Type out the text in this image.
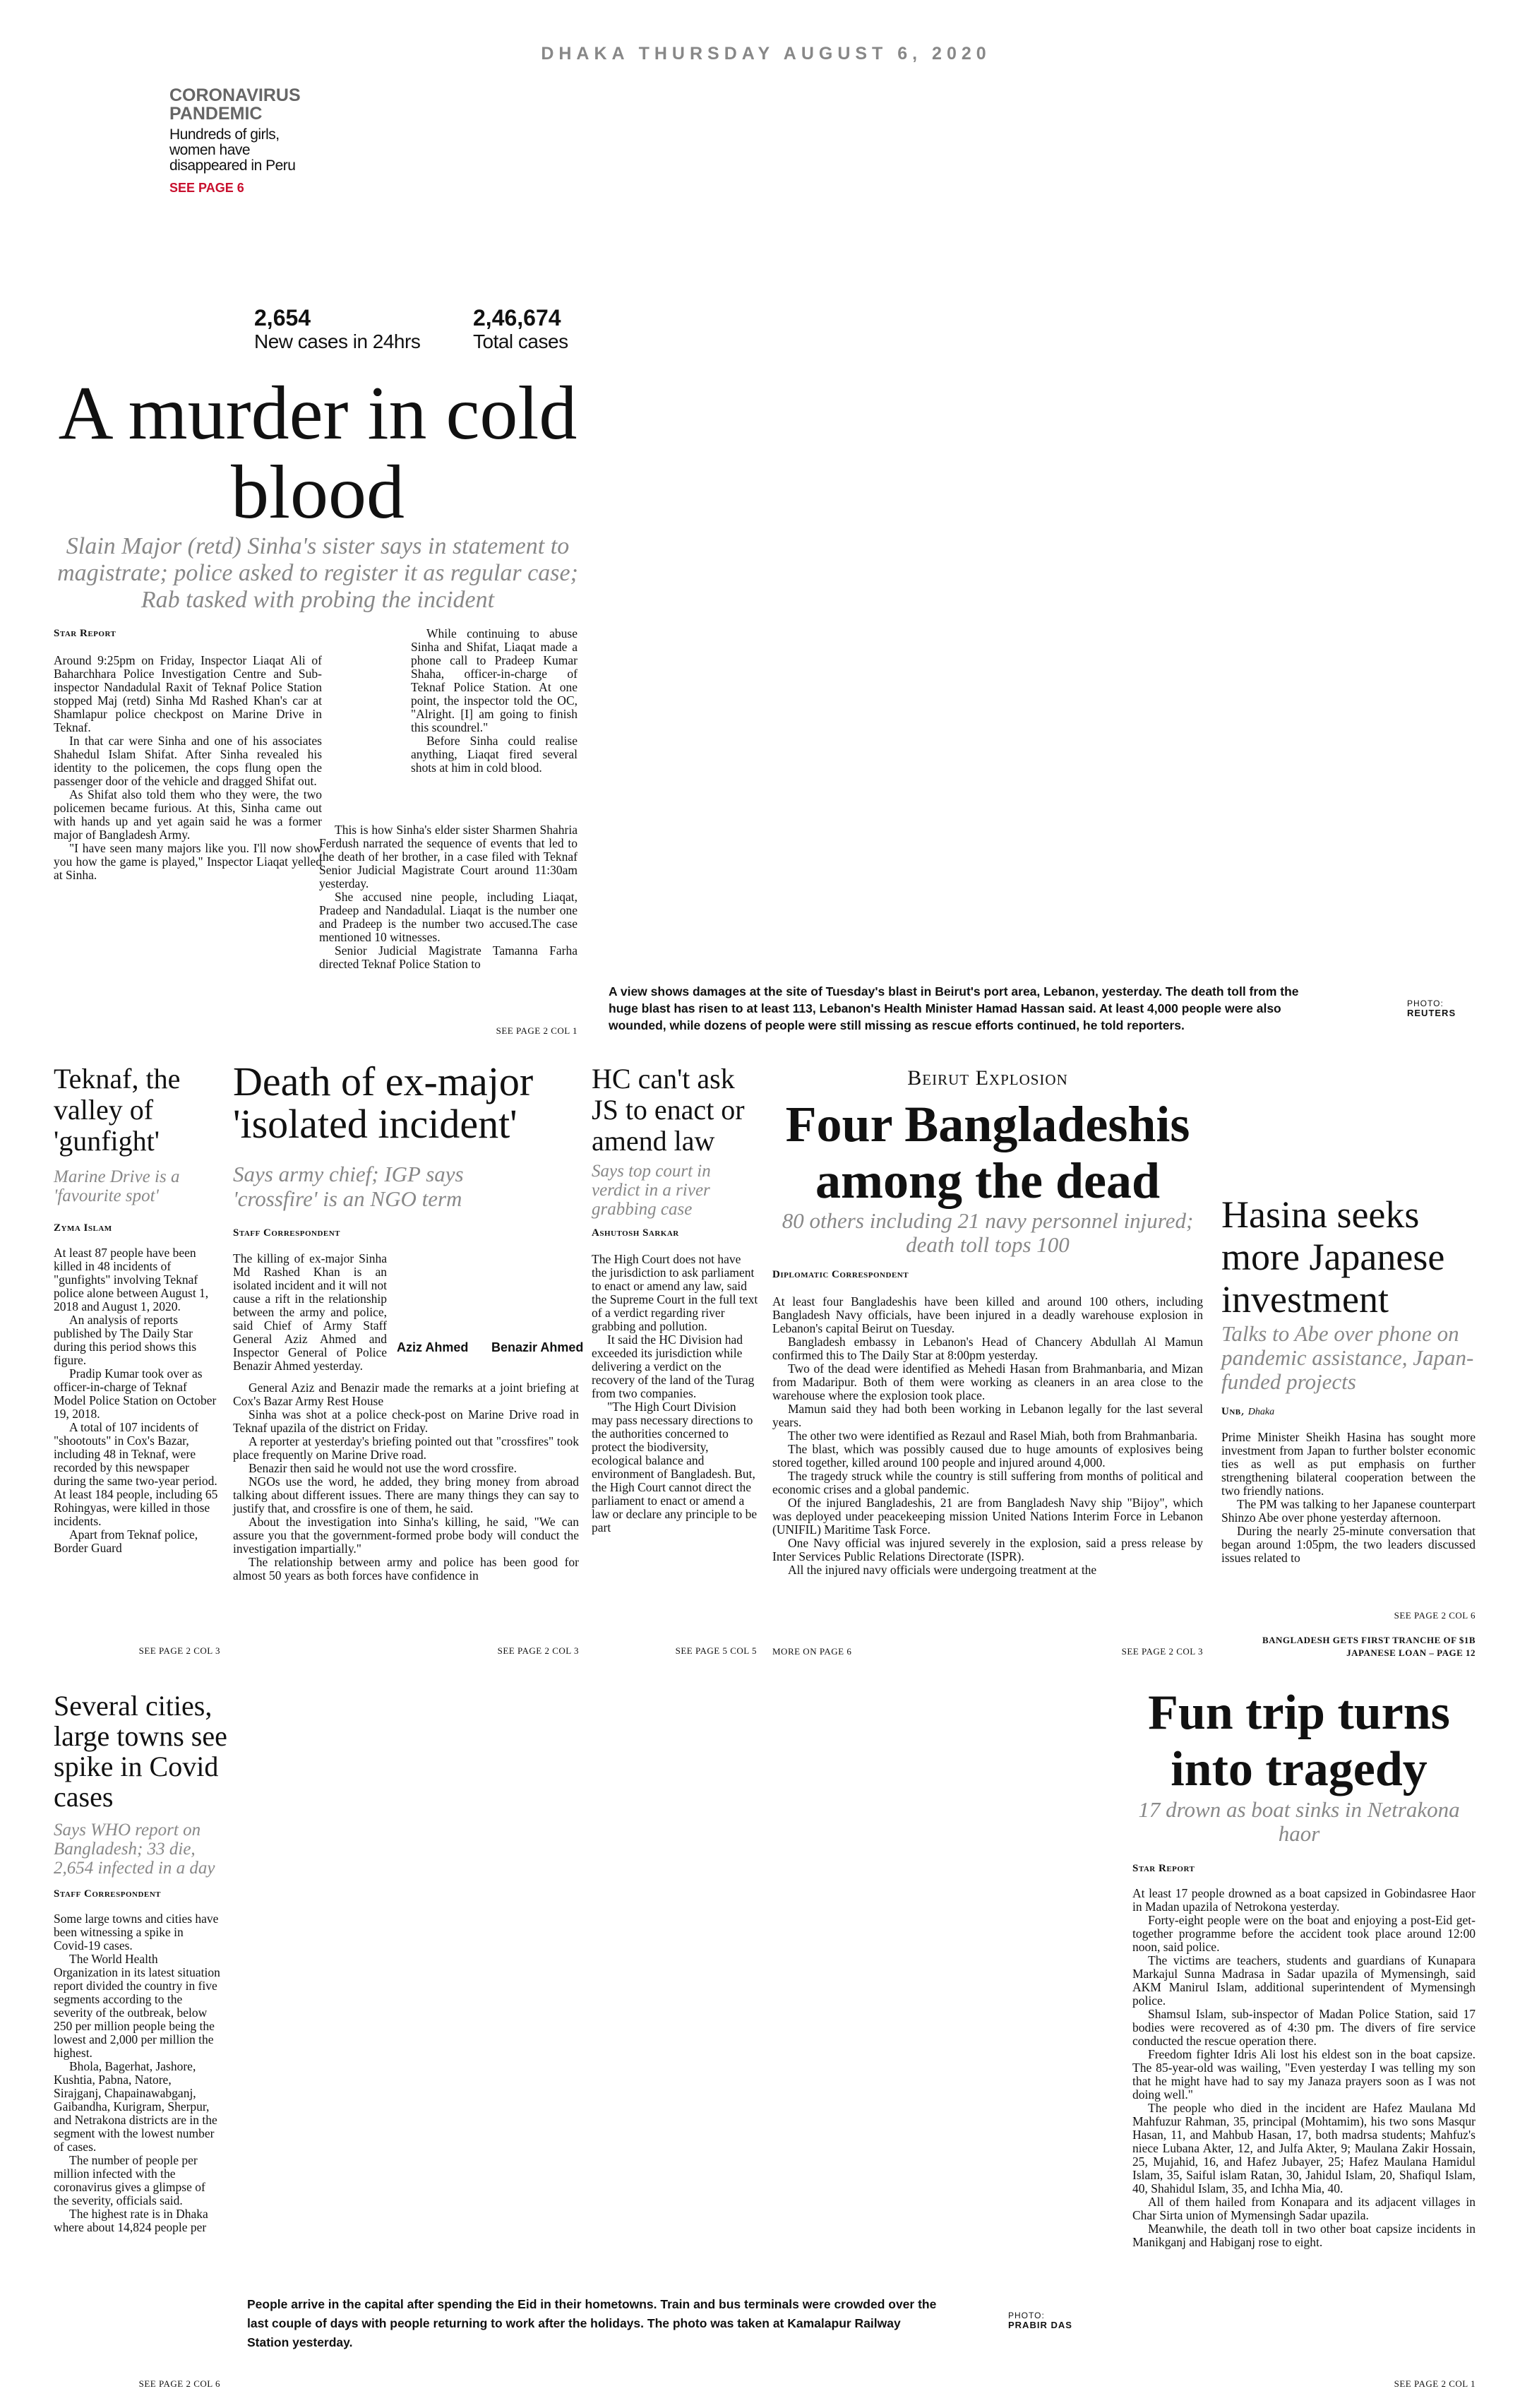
DHAKA THURSDAY AUGUST 6, 2020
CORONAVIRUS PANDEMIC
Hundreds of girls, women have disappeared in Peru
SEE PAGE 6
2,654
New cases in 24hrs
2,46,674
Total cases
A murder in cold blood
Slain Major (retd) Sinha's sister says in statement to magistrate; police asked to register it as regular case; Rab tasked with probing the incident
Star Report

Around 9:25pm on Friday, Inspector Liaqat Ali of Baharchhara Police Investigation Centre and Sub-inspector Nandadulal Raxit of Teknaf Police Station stopped Maj (retd) Sinha Md Rashed Khan's car at Shamlapur police checkpost on Marine Drive in Teknaf.

In that car were Sinha and one of his associates Shahedul Islam Shifat. After Sinha revealed his identity to the policemen, the cops flung open the passenger door of the vehicle and dragged Shifat out.

As Shifat also told them who they were, the two policemen became furious. At this, Sinha came out with hands up and yet again said he was a former major of Bangladesh Army.

"I have seen many majors like you. I'll now show you how the game is played," Inspector Liaqat yelled at Sinha.

While continuing to abuse Sinha and Shifat, Liaqat made a phone call to Pradeep Kumar Shaha, officer-in-charge of Teknaf Police Station. At one point, the inspector told the OC, "Alright. [I] am going to finish this scoundrel."

Before Sinha could realise anything, Liaqat fired several shots at him in cold blood.

This is how Sinha's elder sister Sharmen Shahria Ferdush narrated the sequence of events that led to the death of her brother, in a case filed with Teknaf Senior Judicial Magistrate Court around 11:30am yesterday.

She accused nine people, including Liaqat, Pradeep and Nandadulal. Liaqat is the number one and Pradeep is the number two accused.The case mentioned 10 witnesses.

Senior Judicial Magistrate Tamanna Farha directed Teknaf Police Station to

SEE PAGE 2 COL 1
A view shows damages at the site of Tuesday's blast in Beirut's port area, Lebanon, yesterday. The death toll from the huge blast has risen to at least 113, Lebanon's Health Minister Hamad Hassan said. At least 4,000 people were also wounded, while dozens of people were still missing as rescue efforts continued, he told reporters.
PHOTO:
REUTERS
Teknaf, the valley of 'gunfight'
Marine Drive is a 'favourite spot'
Zyma Islam

At least 87 people have been killed in 48 incidents of "gunfights" involving Teknaf police alone between August 1, 2018 and August 1, 2020.

An analysis of reports published by The Daily Star during this period shows this figure.

Pradip Kumar took over as officer-in-charge of Teknaf Model Police Station on October 19, 2018.

A total of 107 incidents of "shootouts" in Cox's Bazar, including 48 in Teknaf, were recorded by this newspaper during the same two-year period. At least 184 people, including 65 Rohingyas, were killed in those incidents.

Apart from Teknaf police, Border Guard

SEE PAGE 2 COL 3
Death of ex-major 'isolated incident'
Says army chief; IGP says 'crossfire' is an NGO term
Staff Correspondent
The killing of ex-major Sinha Md Rashed Khan is an isolated incident and it will not cause a rift in the relationship between the army and police, said Chief of Army Staff General Aziz Ahmed and Inspector General of Police Benazir Ahmed yesterday.
Aziz Ahmed Benazir Ahmed

General Aziz and Benazir made the remarks at a joint briefing at Cox's Bazar Army Rest House

Sinha was shot at a police check-post on Marine Drive road in Teknaf upazila of the district on Friday.

A reporter at yesterday's briefing pointed out that "crossfires" took place frequently on Marine Drive road.

Benazir then said he would not use the word crossfire.

NGOs use the word, he added, they bring money from abroad talking about different issues. There are many things they can say to justify that, and crossfire is one of them, he said.

About the investigation into Sinha's killing, he said, "We can assure you that the government-formed probe body will conduct the investigation impartially."

The relationship between army and police has been good for almost 50 years as both forces have confidence in

SEE PAGE 2 COL 3
HC can't ask JS to enact or amend law
Says top court in verdict in a river grabbing case
Ashutosh Sarkar

The High Court does not have the jurisdiction to ask parliament to enact or amend any law, said the Supreme Court in the full text of a verdict regarding river grabbing and pollution.

It said the HC Division had exceeded its jurisdiction while delivering a verdict on the recovery of the land of the Turag from two companies.

"The High Court Division may pass necessary directions to the authorities concerned to protect the biodiversity, ecological balance and environment of Bangladesh. But, the High Court cannot direct the parliament to enact or amend a law or declare any principle to be part

SEE PAGE 5 COL 5
Beirut Explosion
Four Bangladeshis among the dead
80 others including 21 navy personnel injured; death toll tops 100
Diplomatic Correspondent

At least four Bangladeshis have been killed and around 100 others, including Bangladesh Navy officials, have been injured in a deadly warehouse explosion in Lebanon's capital Beirut on Tuesday.

Bangladesh embassy in Lebanon's Head of Chancery Abdullah Al Mamun confirmed this to The Daily Star at 8:00pm yesterday.

Two of the dead were identified as Mehedi Hasan from Brahmanbaria, and Mizan from Madaripur. Both of them were working as cleaners in an area close to the warehouse where the explosion took place.

Mamun said they had both been working in Lebanon legally for the last several years.

The other two were identified as Rezaul and Rasel Miah, both from Brahmanbaria.

The blast, which was possibly caused due to huge amounts of explosives being stored together, killed around 100 people and injured around 4,000.

The tragedy struck while the country is still suffering from months of political and economic crises and a global pandemic.

Of the injured Bangladeshis, 21 are from Bangladesh Navy ship "Bijoy", which was deployed under peacekeeping mission United Nations Interim Force in Lebanon (UNIFIL) Maritime Task Force.

One Navy official was injured severely in the explosion, said a press release by Inter Services Public Relations Directorate (ISPR).

All the injured navy officials were undergoing treatment at the

MORE ON PAGE 6	SEE PAGE 2 COL 3
Hasina seeks more Japanese investment
Talks to Abe over phone on pandemic assistance, Japan-funded projects
Unb, Dhaka

Prime Minister Sheikh Hasina has sought more investment from Japan to further bolster economic ties as well as put emphasis on further strengthening bilateral cooperation between the two friendly nations.

The PM was talking to her Japanese counterpart Shinzo Abe over phone yesterday afternoon.

During the nearly 25-minute conversation that began around 1:05pm, the two leaders discussed issues related to

SEE PAGE 2 COL 6
BANGLADESH GETS FIRST TRANCHE OF $1B JAPANESE LOAN – PAGE 12
Several cities, large towns see spike in Covid cases
Says WHO report on Bangladesh; 33 die, 2,654 infected in a day
Staff Correspondent

Some large towns and cities have been witnessing a spike in Covid-19 cases.

The World Health Organization in its latest situation report divided the country in five segments according to the severity of the outbreak, below 250 per million people being the lowest and 2,000 per million the highest.

Bhola, Bagerhat, Jashore, Kushtia, Pabna, Natore, Sirajganj, Chapainawabganj, Gaibandha, Kurigram, Sherpur, and Netrakona districts are in the segment with the lowest number of cases.

The number of people per million infected with the coronavirus gives a glimpse of the severity, officials said.

The highest rate is in Dhaka where about 14,824 people per

SEE PAGE 2 COL 6
People arrive in the capital after spending the Eid in their hometowns. Train and bus terminals were crowded over the last couple of days with people returning to work after the holidays. The photo was taken at Kamalapur Railway Station yesterday.
PHOTO:
PRABIR DAS
Fun trip turns into tragedy
17 drown as boat sinks in Netrakona haor
Star Report

At least 17 people drowned as a boat capsized in Gobindasree Haor in Madan upazila of Netrokona yesterday.

Forty-eight people were on the boat and enjoying a post-Eid get-together programme before the accident took place around 12:00 noon, said police.

The victims are teachers, students and guardians of Kunapara Markajul Sunna Madrasa in Sadar upazila of Mymensingh, said AKM Manirul Islam, additional superintendent of Mymensingh police.

Shamsul Islam, sub-inspector of Madan Police Station, said 17 bodies were recovered as of 4:30 pm. The divers of fire service conducted the rescue operation there.

Freedom fighter Idris Ali lost his eldest son in the boat capsize. The 85-year-old was wailing, "Even yesterday I was telling my son that he might have had to say my Janaza prayers soon as I was not doing well."

The people who died in the incident are Hafez Maulana Md Mahfuzur Rahman, 35, principal (Mohtamim), his two sons Masqur Hasan, 11, and Mahbub Hasan, 17, both madrsa students; Mahfuz's niece Lubana Akter, 12, and Julfa Akter, 9; Maulana Zakir Hossain, 25, Mujahid, 16, and Hafez Jubayer, 25; Hafez Maulana Hamidul Islam, 35, Saiful islam Ratan, 30, Jahidul Islam, 20, Shafiqul Islam, 40, Shahidul Islam, 35, and Ichha Mia, 40.

All of them hailed from Konapara and its adjacent villages in Char Sirta union of Mymensingh Sadar upazila.

Meanwhile, the death toll in two other boat capsize incidents in Manikganj and Habiganj rose to eight.

SEE PAGE 2 COL 1
